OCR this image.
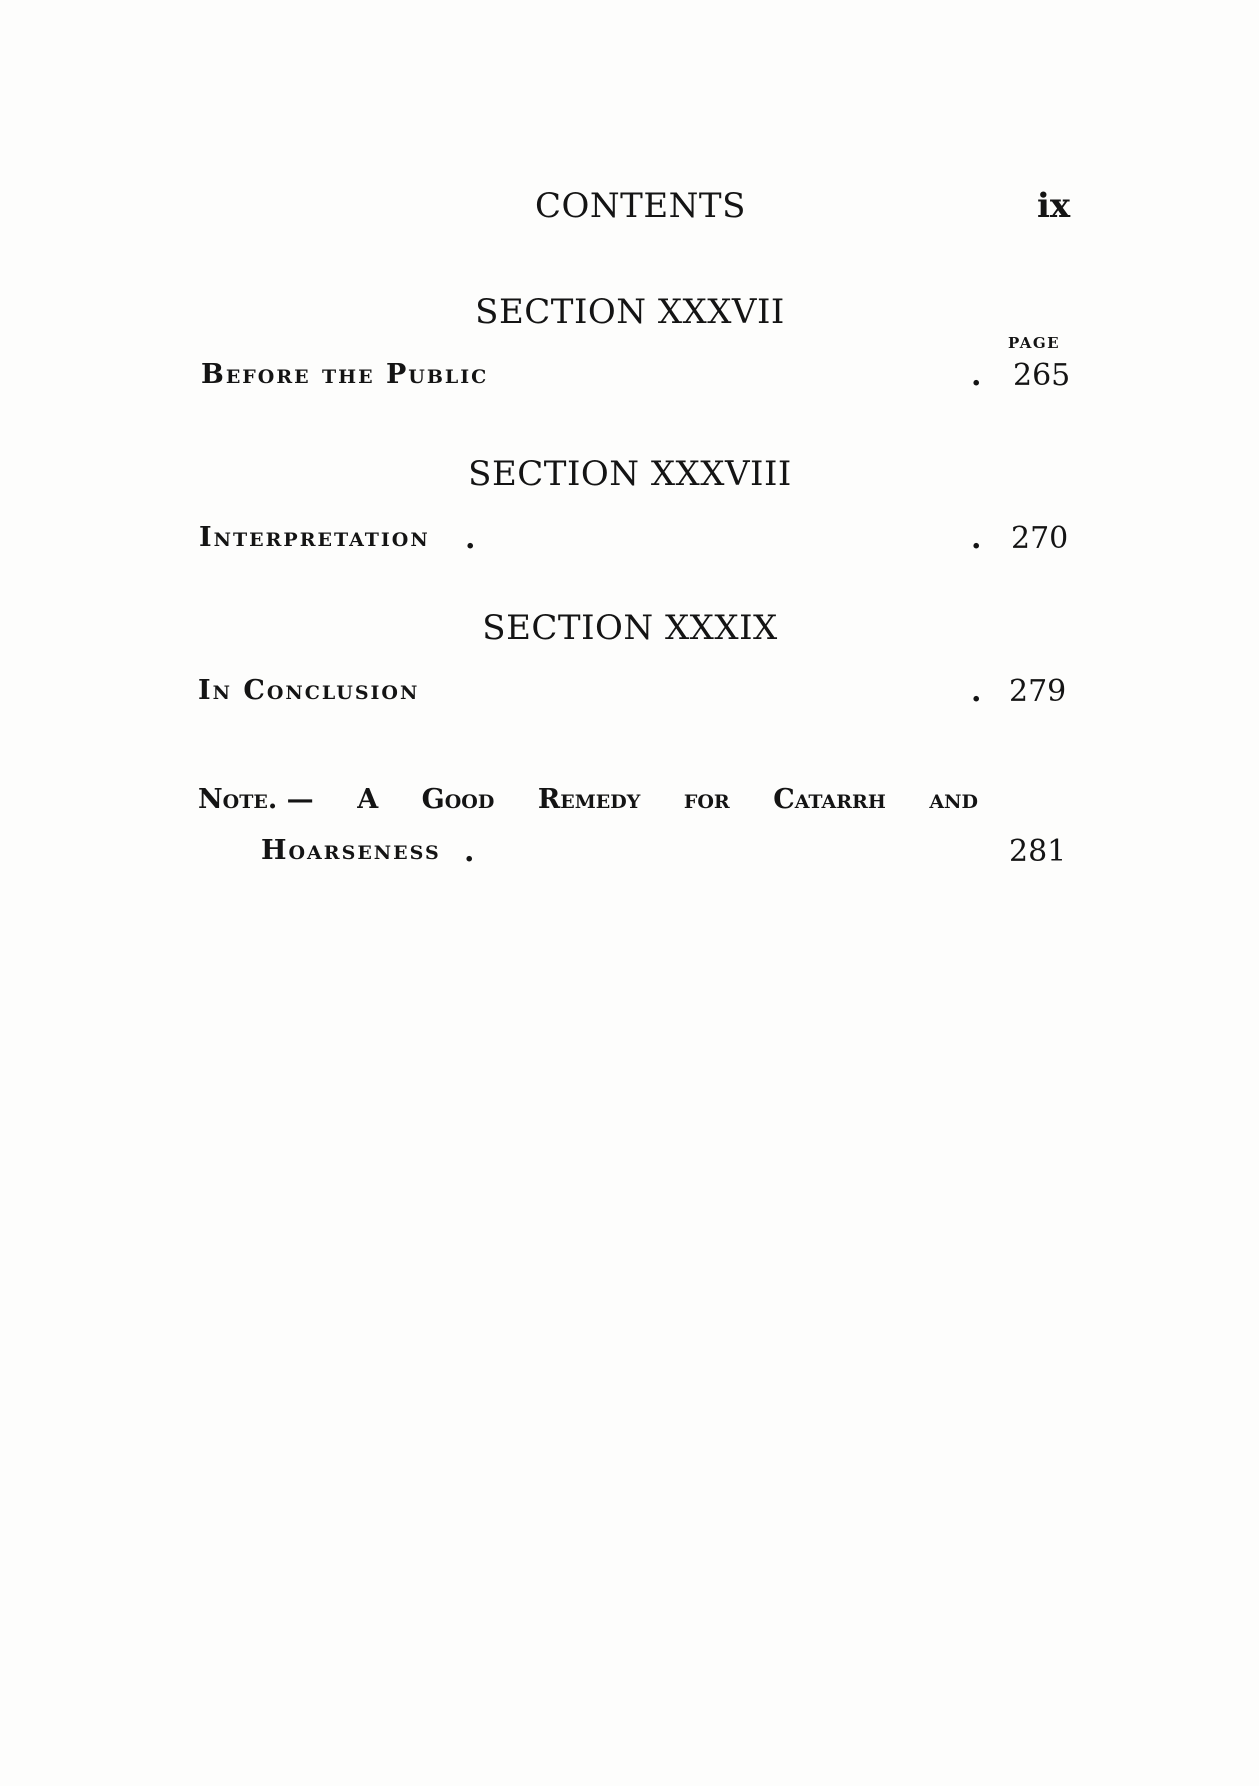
CONTENTS	ix
SECTION XXXVII
PAGE
Before the Public	. 265
SECTION XXXVIII
Interpretation .	. 270
SECTION XXXIX
In Conclusion	. 279
Note. — A Good Remedy for Catarrh and
Hoarseness .	281
